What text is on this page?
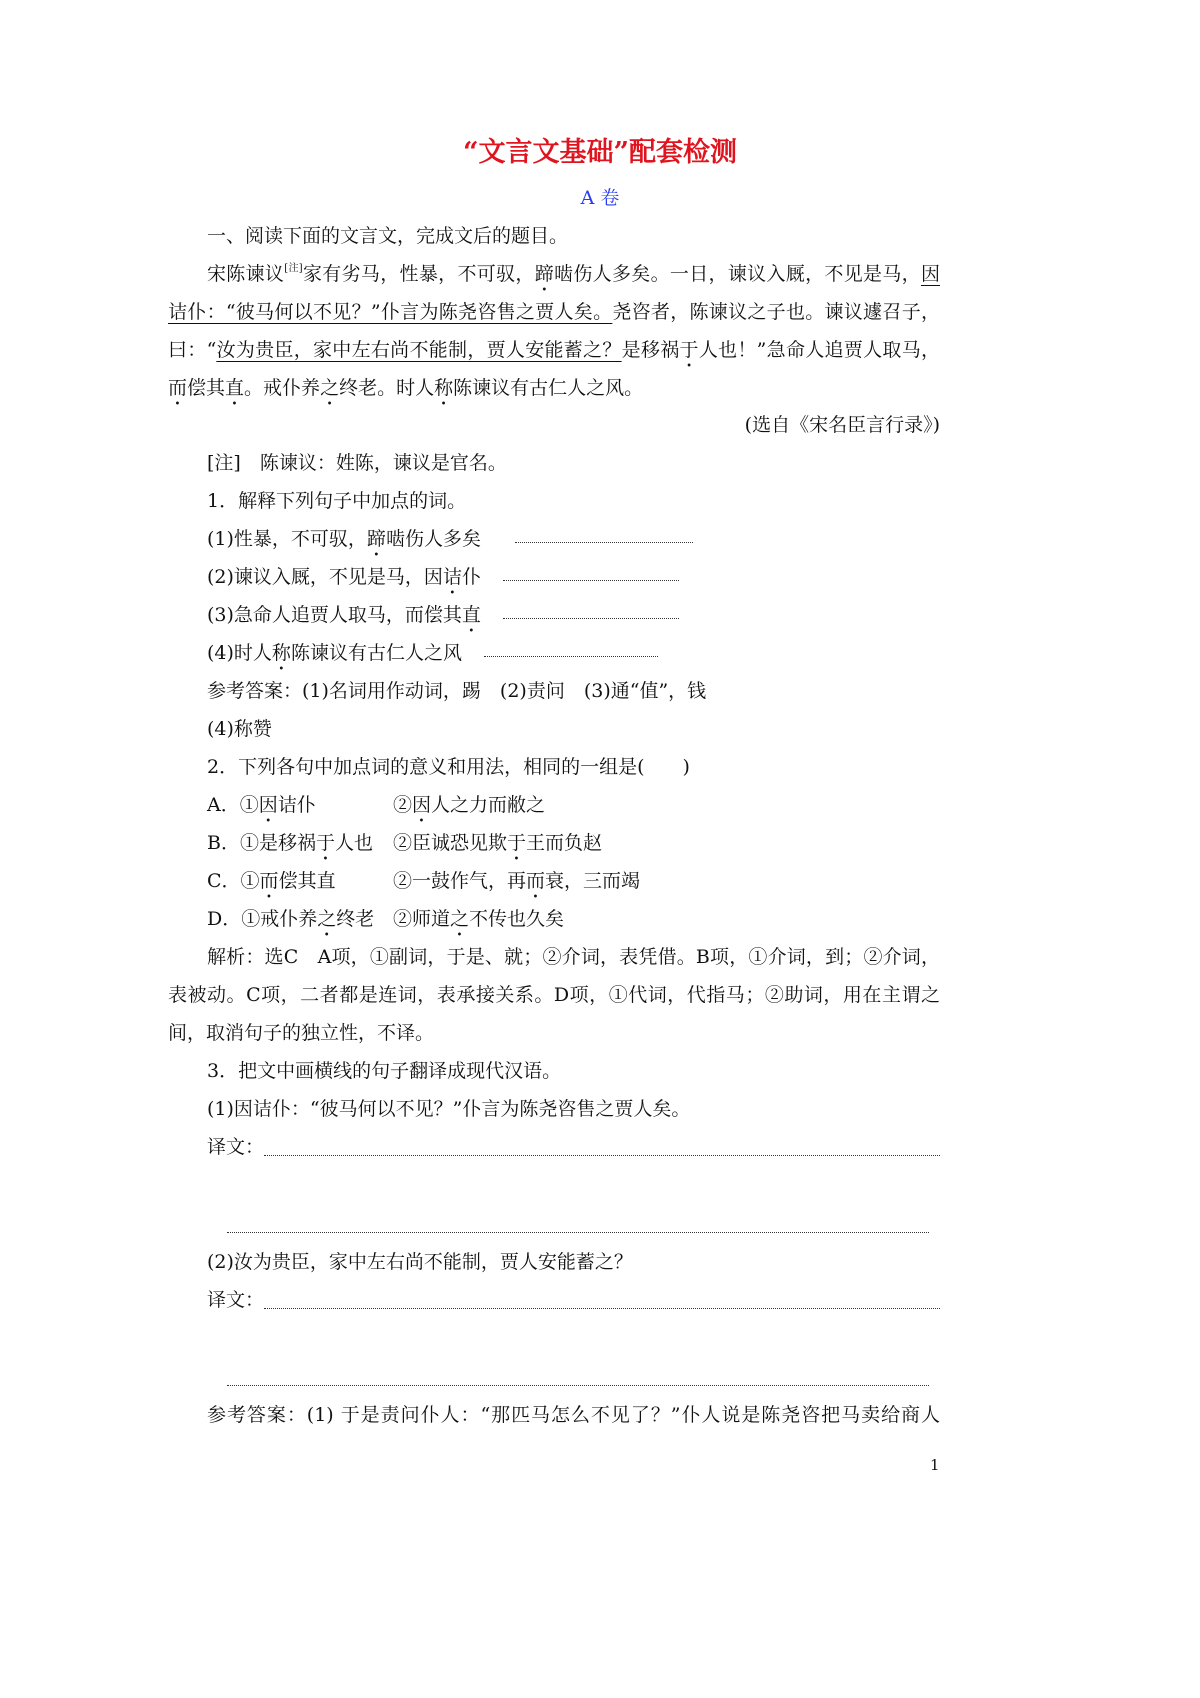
“文言文基础”配套检测
A 卷
一、阅读下面的文言文，完成文后的题目。
宋陈谏议[注]家有劣马，性暴，不可驭，蹄啮伤人多矣。一日，谏议入厩，不见是马，因
诘仆：“彼马何以不见？”仆言为陈尧咨售之贾人矣。尧咨者，陈谏议之子也。谏议遽召子，
曰：“汝为贵臣，家中左右尚不能制，贾人安能蓄之？是移祸于人也！”急命人追贾人取马，
而偿其直。戒仆养之终老。时人称陈谏议有古仁人之风。
(选自《宋名臣言行录》)
[注]　陈谏议：姓陈，谏议是官名。
1．解释下列句子中加点的词。
(1)性暴，不可驭，蹄啮伤人多矣
(2)谏议入厩，不见是马，因诘仆
(3)急命人追贾人取马，而偿其直
(4)时人称陈谏议有古仁人之风
参考答案：(1)名词用作动词，踢　(2)责问　(3)通“值”，钱
(4)称赞
2．下列各句中加点词的意义和用法，相同的一组是(　　)
A．①因诘仆	②因人之力而敝之
B．①是移祸于人也 ②臣诚恐见欺于王而负赵
C．①而偿其直	②一鼓作气，再而衰，三而竭
D．①戒仆养之终老 ②师道之不传也久矣
解析：选C　A项，①副词，于是、就；②介词，表凭借。B项，①介词，到；②介词，
表被动。C项，二者都是连词，表承接关系。D项，①代词，代指马；②助词，用在主谓之
间，取消句子的独立性，不译。
3．把文中画横线的句子翻译成现代汉语。
(1)因诘仆：“彼马何以不见？”仆言为陈尧咨售之贾人矣。
译文：
(2)汝为贵臣，家中左右尚不能制，贾人安能蓄之？
译文：
参考答案：(1) 于是责问仆人：“那匹马怎么不见了？”仆人说是陈尧咨把马卖给商人
1
